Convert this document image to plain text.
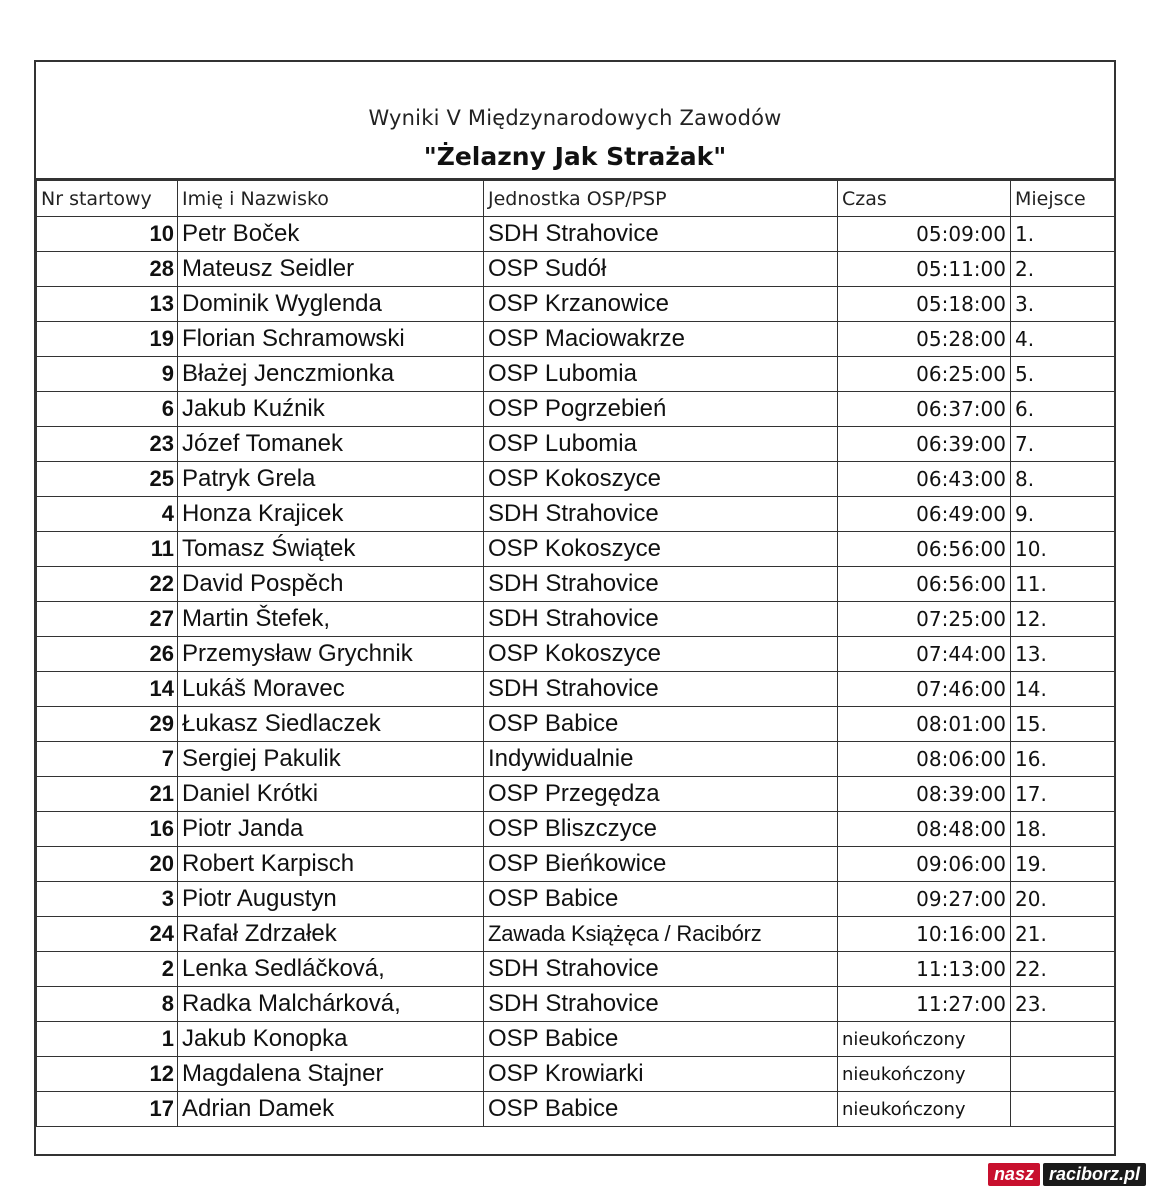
Wyniki V Międzynarodowych Zawodów
"Żelazny Jak Strażak"
Nr startowy	Imię i Nazwisko	Jednostka OSP/PSP	Czas	Miejsce
10	Petr Boček	SDH Strahovice	05:09:00	1.
28	Mateusz Seidler	OSP Sudół	05:11:00	2.
13	Dominik Wyglenda	OSP Krzanowice	05:18:00	3.
19	Florian Schramowski	OSP Maciowakrze	05:28:00	4.
9	Błażej Jenczmionka	OSP Lubomia	06:25:00	5.
6	Jakub Kuźnik	OSP Pogrzebień	06:37:00	6.
23	Józef Tomanek	OSP Lubomia	06:39:00	7.
25	Patryk Grela	OSP Kokoszyce	06:43:00	8.
4	Honza Krajicek	SDH Strahovice	06:49:00	9.
11	Tomasz Świątek	OSP Kokoszyce	06:56:00	10.
22	David Pospěch	SDH Strahovice	06:56:00	11.
27	Martin Štefek,	SDH Strahovice	07:25:00	12.
26	Przemysław Grychnik	OSP Kokoszyce	07:44:00	13.
14	Lukáš Moravec	SDH Strahovice	07:46:00	14.
29	Łukasz Siedlaczek	OSP Babice	08:01:00	15.
7	Sergiej Pakulik	Indywidualnie	08:06:00	16.
21	Daniel Krótki	OSP Przegędza	08:39:00	17.
16	Piotr Janda	OSP Bliszczyce	08:48:00	18.
20	Robert Karpisch	OSP Bieńkowice	09:06:00	19.
3	Piotr Augustyn	OSP Babice	09:27:00	20.
24	Rafał Zdrzałek	Zawada Książęca / Racibórz	10:16:00	21.
2	Lenka Sedláčková,	SDH Strahovice	11:13:00	22.
8	Radka Malchárková,	SDH Strahovice	11:27:00	23.
1	Jakub Konopka	OSP Babice	nieukończony	
12	Magdalena Stajner	OSP Krowiarki	nieukończony	
17	Adrian Damek	OSP Babice	nieukończony	
nasz raciborz.pl
